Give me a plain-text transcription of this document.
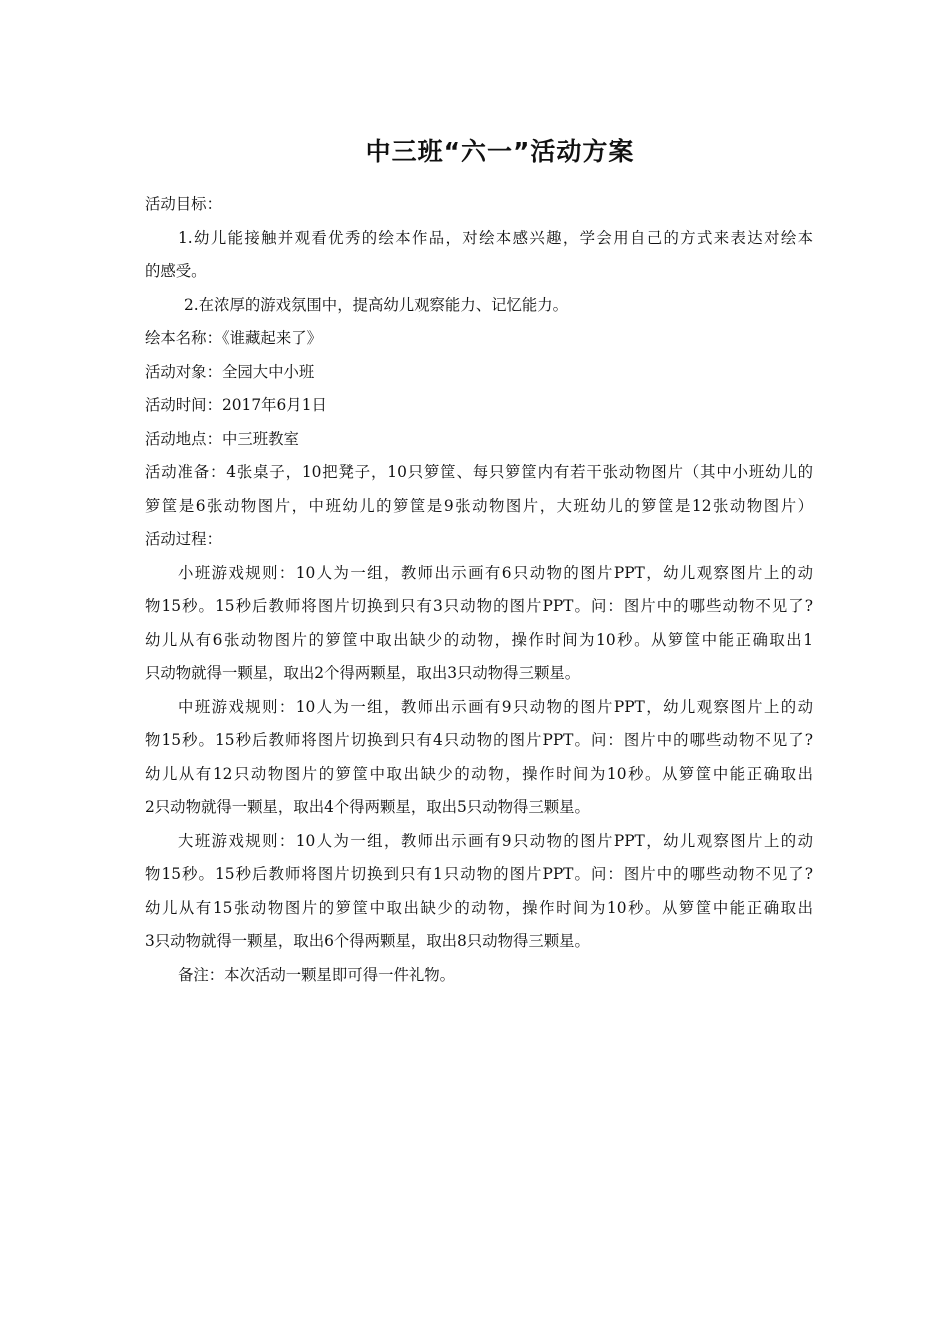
中三班“六一”活动方案
活动目标：
1.幼儿能接触并观看优秀的绘本作品，对绘本感兴趣，学会用自己的方式来表达对绘本
的感受。
2.在浓厚的游戏氛围中，提高幼儿观察能力、记忆能力。
绘本名称：《谁藏起来了》
活动对象：全园大中小班
活动时间：2017年6月1日
活动地点：中三班教室
活动准备：4张桌子，10把凳子，10只箩筐、每只箩筐内有若干张动物图片（其中小班幼儿的
箩筐是6张动物图片，中班幼儿的箩筐是9张动物图片，大班幼儿的箩筐是12张动物图片）
活动过程：
小班游戏规则：10人为一组，教师出示画有6只动物的图片PPT，幼儿观察图片上的动
物15秒。15秒后教师将图片切换到只有3只动物的图片PPT。问：图片中的哪些动物不见了?
幼儿从有6张动物图片的箩筐中取出缺少的动物，操作时间为10秒。从箩筐中能正确取出1
只动物就得一颗星，取出2个得两颗星，取出3只动物得三颗星。
中班游戏规则：10人为一组，教师出示画有9只动物的图片PPT，幼儿观察图片上的动
物15秒。15秒后教师将图片切换到只有4只动物的图片PPT。问：图片中的哪些动物不见了?
幼儿从有12只动物图片的箩筐中取出缺少的动物，操作时间为10秒。从箩筐中能正确取出
2只动物就得一颗星，取出4个得两颗星，取出5只动物得三颗星。
大班游戏规则：10人为一组，教师出示画有9只动物的图片PPT，幼儿观察图片上的动
物15秒。15秒后教师将图片切换到只有1只动物的图片PPT。问：图片中的哪些动物不见了?
幼儿从有15张动物图片的箩筐中取出缺少的动物，操作时间为10秒。从箩筐中能正确取出
3只动物就得一颗星，取出6个得两颗星，取出8只动物得三颗星。
备注：本次活动一颗星即可得一件礼物。
